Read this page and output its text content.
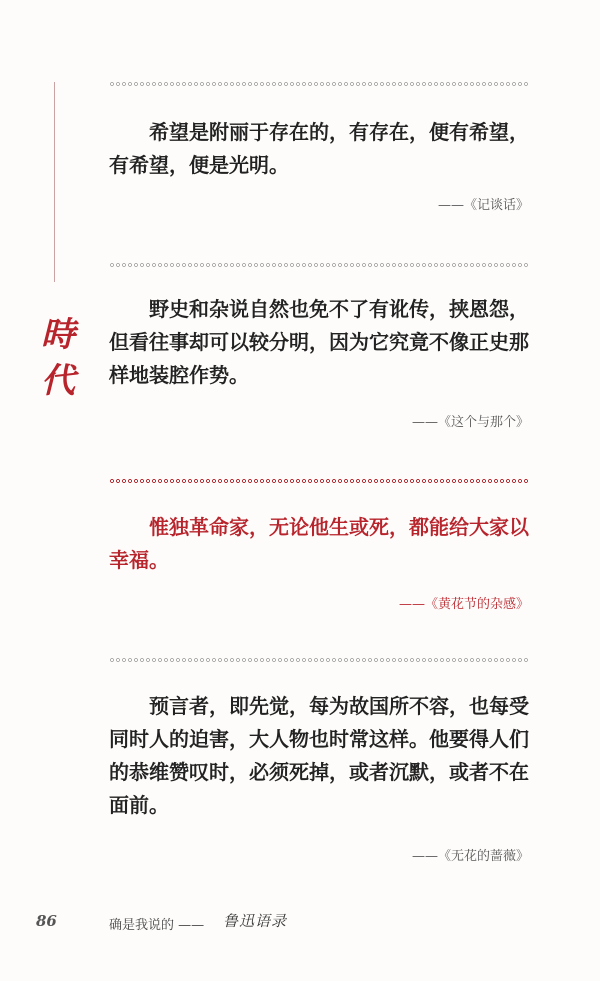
時
代

希望是附丽于存在的，有存在，便有希望，有希望，便是光明。

——《记谈话》

野史和杂说自然也免不了有讹传，挟恩怨，但看往事却可以较分明，因为它究竟不像正史那样地装腔作势。

——《这个与那个》

惟独革命家，无论他生或死，都能给大家以幸福。

——《黄花节的杂感》

预言者，即先觉，每为故国所不容，也每受同时人的迫害，大人物也时常这样。他要得人们的恭维赞叹时，必须死掉，或者沉默，或者不在面前。

——《无花的蔷薇》
86	确是我说的 —— 鲁迅语录
